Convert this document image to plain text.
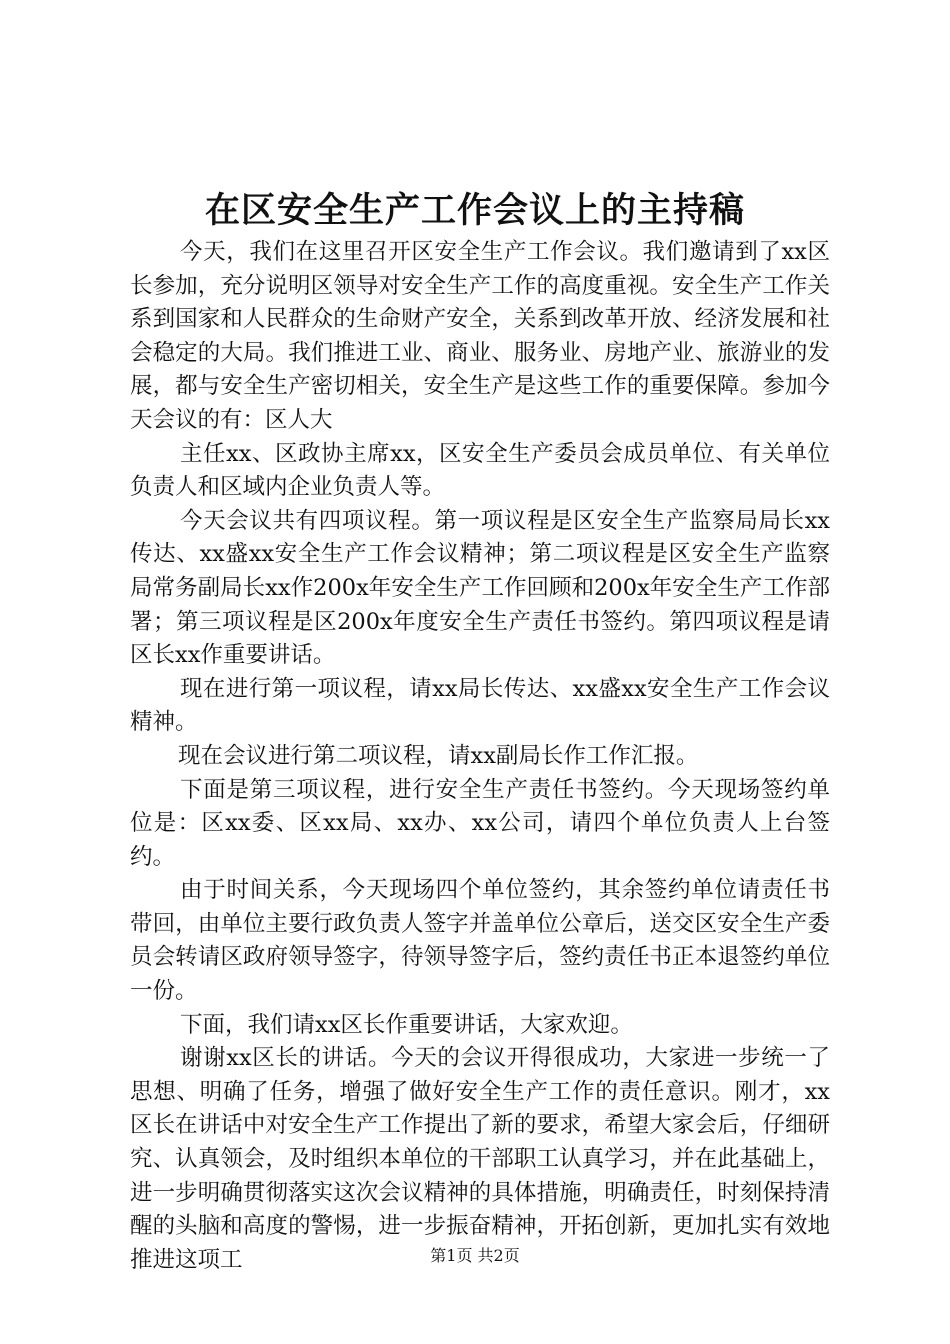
在区安全生产工作会议上的主持稿

今天，我们在这里召开区安全生产工作会议。我们邀请到了xx区长参加，充分说明区领导对安全生产工作的高度重视。安全生产工作关系到国家和人民群众的生命财产安全，关系到改革开放、经济发展和社会稳定的大局。我们推进工业、商业、服务业、房地产业、旅游业的发展，都与安全生产密切相关，安全生产是这些工作的重要保障。参加今天会议的有：区人大

主任xx、区政协主席xx，区安全生产委员会成员单位、有关单位负责人和区域内企业负责人等。

今天会议共有四项议程。第一项议程是区安全生产监察局局长xx传达、xx盛xx安全生产工作会议精神；第二项议程是区安全生产监察局常务副局长xx作200x年安全生产工作回顾和200x年安全生产工作部署；第三项议程是区200x年度安全生产责任书签约。第四项议程是请区长xx作重要讲话。

现在进行第一项议程，请xx局长传达、xx盛xx安全生产工作会议精神。

现在会议进行第二项议程，请xx副局长作工作汇报。

下面是第三项议程，进行安全生产责任书签约。今天现场签约单位是：区xx委、区xx局、xx办、xx公司，请四个单位负责人上台签约。

由于时间关系，今天现场四个单位签约，其余签约单位请责任书带回，由单位主要行政负责人签字并盖单位公章后，送交区安全生产委员会转请区政府领导签字，待领导签字后，签约责任书正本退签约单位一份。

下面，我们请xx区长作重要讲话，大家欢迎。

谢谢xx区长的讲话。今天的会议开得很成功，大家进一步统一了思想、明确了任务，增强了做好安全生产工作的责任意识。刚才，xx区长在讲话中对安全生产工作提出了新的要求，希望大家会后，仔细研究、认真领会，及时组织本单位的干部职工认真学习，并在此基础上，进一步明确贯彻落实这次会议精神的具体措施，明确责任，时刻保持清醒的头脑和高度的警惕，进一步振奋精神，开拓创新，更加扎实有效地推进这项工	第1页 共2页
